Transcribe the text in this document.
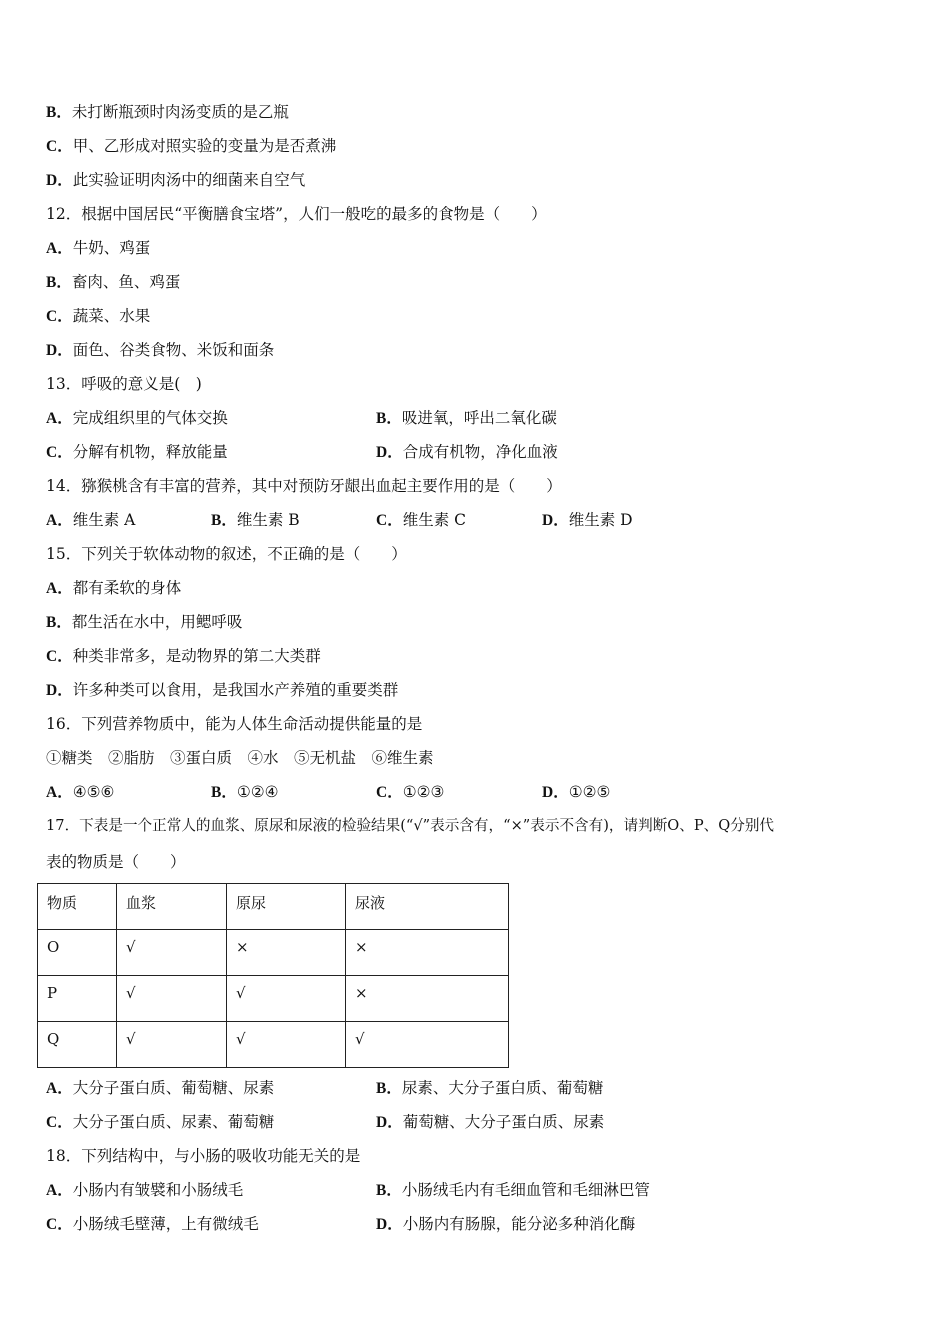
B．未打断瓶颈时肉汤变质的是乙瓶
C．甲、乙形成对照实验的变量为是否煮沸
D．此实验证明肉汤中的细菌来自空气
12．根据中国居民“平衡膳食宝塔”，人们一般吃的最多的食物是（　　）
A．牛奶、鸡蛋
B．畜肉、鱼、鸡蛋
C．蔬菜、水果
D．面色、谷类食物、米饭和面条
13．呼吸的意义是(　)
A．完成组织里的气体交换	B．吸进氧，呼出二氧化碳
C．分解有机物，释放能量	D．合成有机物，净化血液
14．猕猴桃含有丰富的营养，其中对预防牙龈出血起主要作用的是（　　）
A．维生素 A	B．维生素 B	C．维生素 C	D．维生素 D
15．下列关于软体动物的叙述，不正确的是（　　）
A．都有柔软的身体
B．都生活在水中，用鳃呼吸
C．种类非常多，是动物界的第二大类群
D．许多种类可以食用，是我国水产养殖的重要类群
16．下列营养物质中，能为人体生命活动提供能量的是
①糖类　②脂肪　③蛋白质　④水　⑤无机盐　⑥维生素
A．④⑤⑥	B．①②④	C．①②③	D．①②⑤
17．下表是一个正常人的血浆、原尿和尿液的检验结果(“√”表示含有，“×”表示不含有)，请判断O、P、Q分别代
表的物质是（　　）
物质	血浆	原尿	尿液
O	√	×	×
P	√	√	×
Q	√	√	√
A．大分子蛋白质、葡萄糖、尿素	B．尿素、大分子蛋白质、葡萄糖
C．大分子蛋白质、尿素、葡萄糖	D．葡萄糖、大分子蛋白质、尿素
18．下列结构中，与小肠的吸收功能无关的是
A．小肠内有皱襞和小肠绒毛	B．小肠绒毛内有毛细血管和毛细淋巴管
C．小肠绒毛壁薄，上有微绒毛	D．小肠内有肠腺，能分泌多种消化酶
